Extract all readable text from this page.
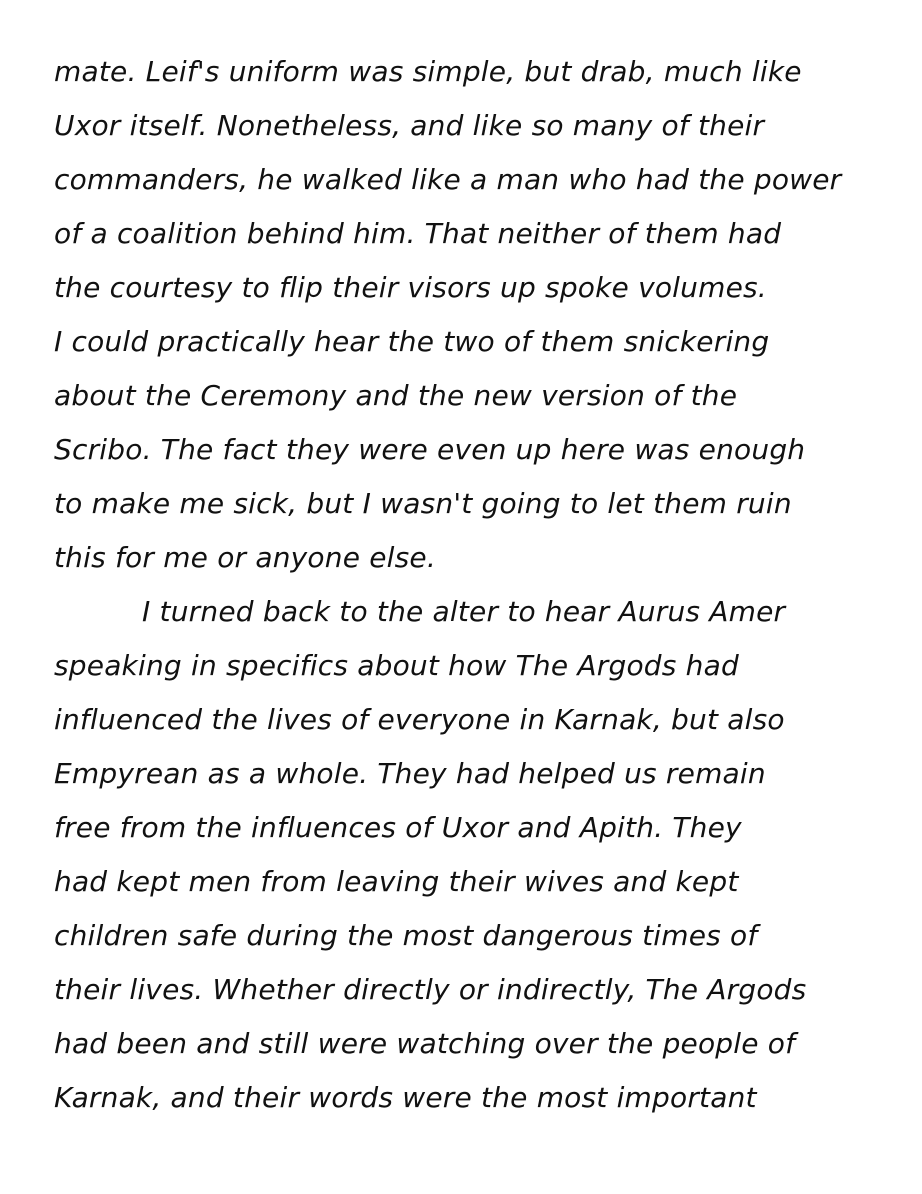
mate. Leif's uniform was simple, but drab, much like
Uxor itself. Nonetheless, and like so many of their
commanders, he walked like a man who had the power
of a coalition behind him. That neither of them had
the courtesy to flip their visors up spoke volumes.
I could practically hear the two of them snickering
about the Ceremony and the new version of the
Scribo. The fact they were even up here was enough
to make me sick, but I wasn't going to let them ruin
this for me or anyone else.
I turned back to the alter to hear Aurus Amer
speaking in specifics about how The Argods had
influenced the lives of everyone in Karnak, but also
Empyrean as a whole. They had helped us remain
free from the influences of Uxor and Apith. They
had kept men from leaving their wives and kept
children safe during the most dangerous times of
their lives. Whether directly or indirectly, The Argods
had been and still were watching over the people of
Karnak, and their words were the most important
